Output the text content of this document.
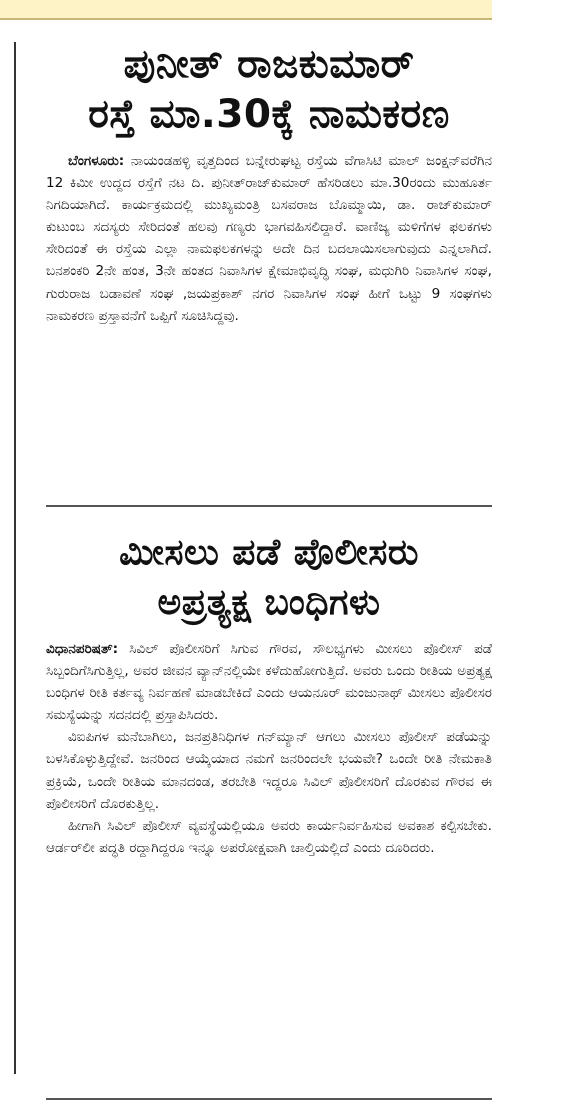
ಪುನೀತ್ ರಾಜಕುಮಾರ್
ರಸ್ತೆ ಮಾ.30ಕ್ಕೆ ನಾಮಕರಣ

ಬೆಂಗಳೂರು: ನಾಯಂಡಹಳ್ಳಿ ವೃತ್ತದಿಂದ ಬನ್ನೇರುಘಟ್ಟ ರಸ್ತೆಯ ವೆಗಾಸಿಟಿ ಮಾಲ್ ಜಂಕ್ಷನ್‌ವರೆಗಿನ 12 ಕಿಮೀ ಉದ್ದದ ರಸ್ತೆಗೆ ನಟ ದಿ. ಪುನೀತ್‌ರಾಜ್‌ಕುಮಾರ್ ಹೆಸರಿಡಲು ಮಾ.30ರಂದು ಮುಹೂರ್ತ ನಿಗದಿಯಾಗಿದೆ. ಕಾರ್ಯಕ್ರಮದಲ್ಲಿ ಮುಖ್ಯಮಂತ್ರಿ ಬಸವರಾಜ ಬೊಮ್ಮಾಯಿ, ಡಾ. ರಾಜ್‌ಕುಮಾರ್ ಕುಟುಂಬ ಸದಸ್ಯರು ಸೇರಿದಂತೆ ಹಲವು ಗಣ್ಯರು ಭಾಗವಹಿಸಲಿದ್ದಾರೆ. ವಾಣಿಜ್ಯ ಮಳಿಗೆಗಳ ಫಲಕಗಳು ಸೇರಿದಂತೆ ಈ ರಸ್ತೆಯ ಎಲ್ಲಾ ನಾಮಫಲಕಗಳನ್ನು ಅದೇ ದಿನ ಬದಲಾಯಿಸಲಾಗುವುದು ಎನ್ನಲಾಗಿದೆ. ಬನಶಂಕರಿ 2ನೇ ಹಂತ, 3ನೇ ಹಂತದ ನಿವಾಸಿಗಳ ಕ್ಷೇಮಾಭಿವೃದ್ಧಿ ಸಂಘ, ಮಧುಗಿರಿ ನಿವಾಸಿಗಳ ಸಂಘ, ಗುರುರಾಜ ಬಡಾವಣೆ ಸಂಘ ,ಜಯಪ್ರಕಾಶ್ ನಗರ ನಿವಾಸಿಗಳ ಸಂಘ ಹೀಗೆ ಒಟ್ಟು 9 ಸಂಘಗಳು ನಾಮಕರಣ ಪ್ರಸ್ತಾವನೆಗೆ ಒಪ್ಪಿಗೆ ಸೂಚಿಸಿದ್ದವು.

ಮೀಸಲು ಪಡೆ ಪೊಲೀಸರು
ಅಪ್ರತ್ಯಕ್ಷ ಬಂಧಿಗಳು

ವಿಧಾನಪರಿಷತ್: ಸಿವಿಲ್ ಪೊಲೀಸರಿಗೆ ಸಿಗುವ ಗೌರವ, ಸೌಲಭ್ಯಗಳು ಮೀಸಲು ಪೊಲೀಸ್ ಪಡೆ ಸಿಬ್ಬಂದಿಗೆಸಿಗುತ್ತಿಲ್ಲ, ಅವರ ಜೀವನ ವ್ಯಾನ್‌ನಲ್ಲಿಯೇ ಕಳೆದುಹೋಗುತ್ತಿದೆ. ಅವರು ಒಂದು ರೀತಿಯ ಅಪ್ರತ್ಯಕ್ಷ ಬಂಧಿಗಳ ರೀತಿ ಕರ್ತವ್ಯ ನಿರ್ವಹಣೆ ಮಾಡಬೇಕಿದೆ ಎಂದು ಆಯನೂರ್ ಮಂಜುನಾಥ್ ಮೀಸಲು ಪೊಲೀಸರ ಸಮಸ್ಯೆಯನ್ನು ಸದನದಲ್ಲಿ ಪ್ರಸ್ತಾಪಿಸಿದರು.

ವಿಐಪಿಗಳ ಮನೆಬಾಗಿಲು, ಜನಪ್ರತಿನಿಧಿಗಳ ಗನ್‌ಮ್ಯಾನ್ ಆಗಲು ಮೀಸಲು ಪೊಲೀಸ್ ಪಡೆಯನ್ನು ಬಳಸಿಕೊಳ್ಳುತ್ತಿದ್ದೇವೆ. ಜನರಿಂದ ಆಯ್ಕೆಯಾದ ನಮಗೆ ಜನರಿಂದಲೇ ಭಯವೇ? ಒಂದೇ ರೀತಿ ನೇಮಕಾತಿ ಪ್ರಕ್ರಿಯೆ, ಒಂದೇ ರೀತಿಯ ಮಾನದಂಡ, ತರಬೇತಿ ಇದ್ದರೂ ಸಿವಿಲ್ ಪೊಲೀಸರಿಗೆ ದೊರಕುವ ಗೌರವ ಈ ಪೊಲೀಸರಿಗೆ ದೊರಕುತ್ತಿಲ್ಲ.

ಹೀಗಾಗಿ ಸಿವಿಲ್ ಪೊಲೀಸ್ ವ್ಯವಸ್ಥೆಯಲ್ಲಿಯೂ ಅವರು ಕಾರ್ಯನಿರ್ವಹಿಸುವ ಅವಕಾಶ ಕಲ್ಪಿಸಬೇಕು. ಆರ್ಡರ್‌ಲೀ ಪದ್ಧತಿ ರದ್ದಾಗಿದ್ದರೂ ಇನ್ನೂ ಅಪರೋಕ್ಷವಾಗಿ ಚಾಲ್ತಿಯಲ್ಲಿದೆ ಎಂದು ದೂರಿದರು.
